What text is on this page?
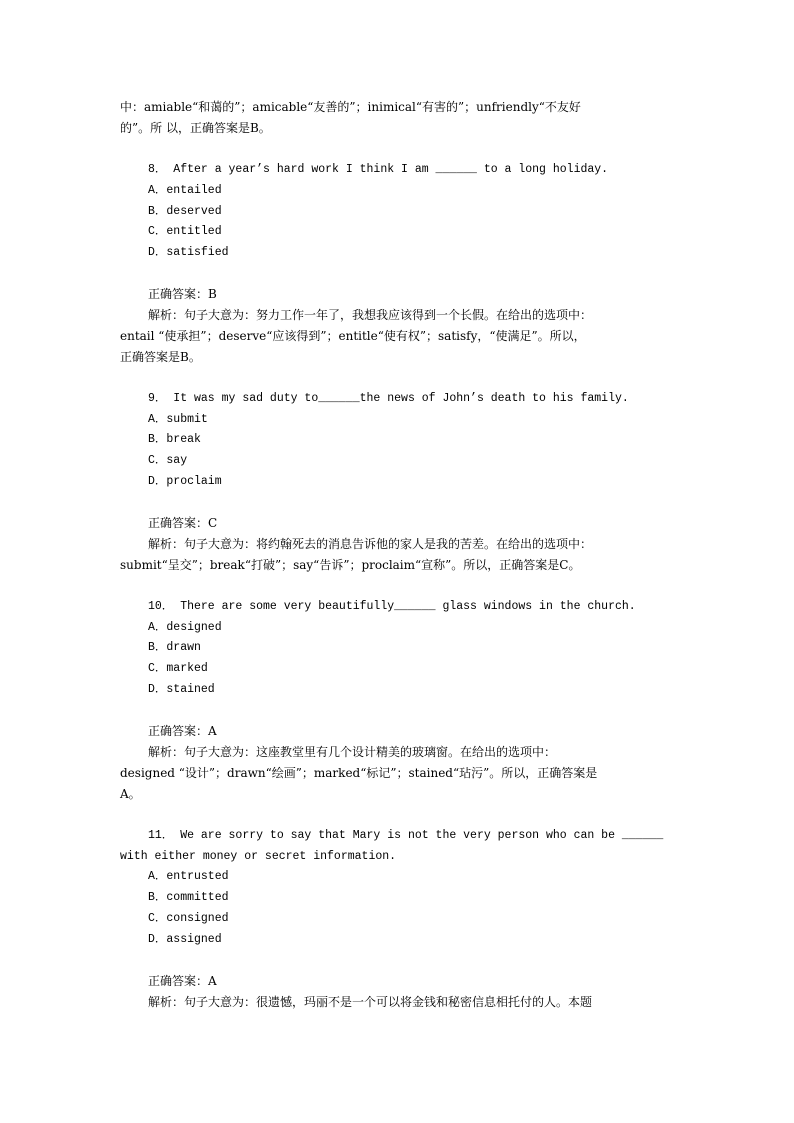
中：amiable“和蔼的”；amicable“友善的”；inimical“有害的”；unfriendly“不友好
的”。所 以，正确答案是B。
8． After a year’s hard work I think I am ______ to a long holiday.
A．entailed
B．deserved
C．entitled
D．satisfied
正确答案：B
解析：句子大意为：努力工作一年了，我想我应该得到一个长假。在给出的选项中：
entail “使承担”；deserve“应该得到”；entitle“使有权”；satisfy，“使满足”。所以，
正确答案是B。
9． It was my sad duty to______the news of John’s death to his family.
A．submit
B．break
C．say
D．proclaim
正确答案：C
解析：句子大意为：将约翰死去的消息告诉他的家人是我的苦差。在给出的选项中：
submit“呈交”；break“打破”；say“告诉”；proclaim“宣称”。所以，正确答案是C。
10． There are some very beautifully______ glass windows in the church.
A．designed
B．drawn
C．marked
D．stained
正确答案：A
解析：句子大意为：这座教堂里有几个设计精美的玻璃窗。在给出的选项中：
designed “设计”；drawn“绘画”；marked“标记”；stained“玷污”。所以，正确答案是
A。
11． We are sorry to say that Mary is not the very person who can be ______
with either money or secret information.
A．entrusted
B．committed
C．consigned
D．assigned
正确答案：A
解析：句子大意为：很遗憾，玛丽不是一个可以将金钱和秘密信息相托付的人。本题
